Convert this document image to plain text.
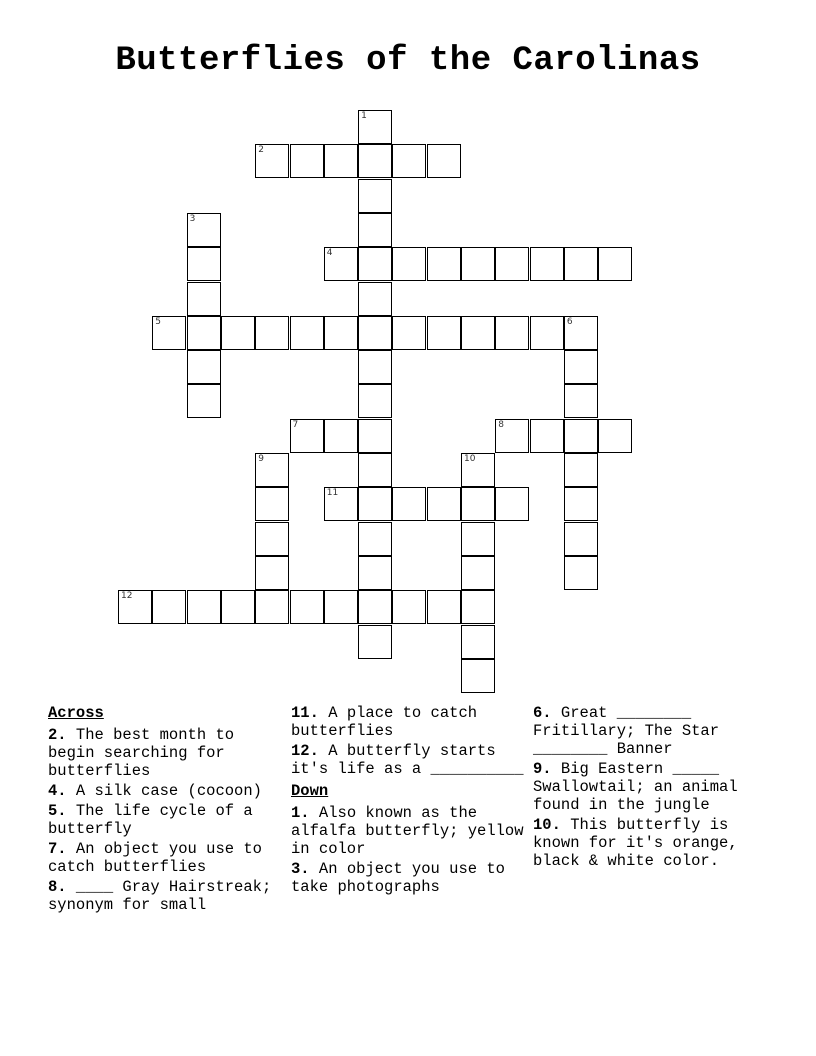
Butterflies of the Carolinas
1
2
3
4
5	6
7	8
9	10
11
12
Across
2. The best month to begin searching for butterflies
4. A silk case (cocoon)
5. The life cycle of a butterfly
7. An object you use to catch butterflies
8. ____ Gray Hairstreak; synonym for small
11. A place to catch butterflies
12. A butterfly starts it's life as a __________
Down
1. Also known as the alfalfa butterfly; yellow in color
3. An object you use to take photographs
6. Great ________ Fritillary; The Star ________ Banner
9. Big Eastern _____ Swallowtail; an animal found in the jungle
10. This butterfly is known for it's orange, black & white color.
